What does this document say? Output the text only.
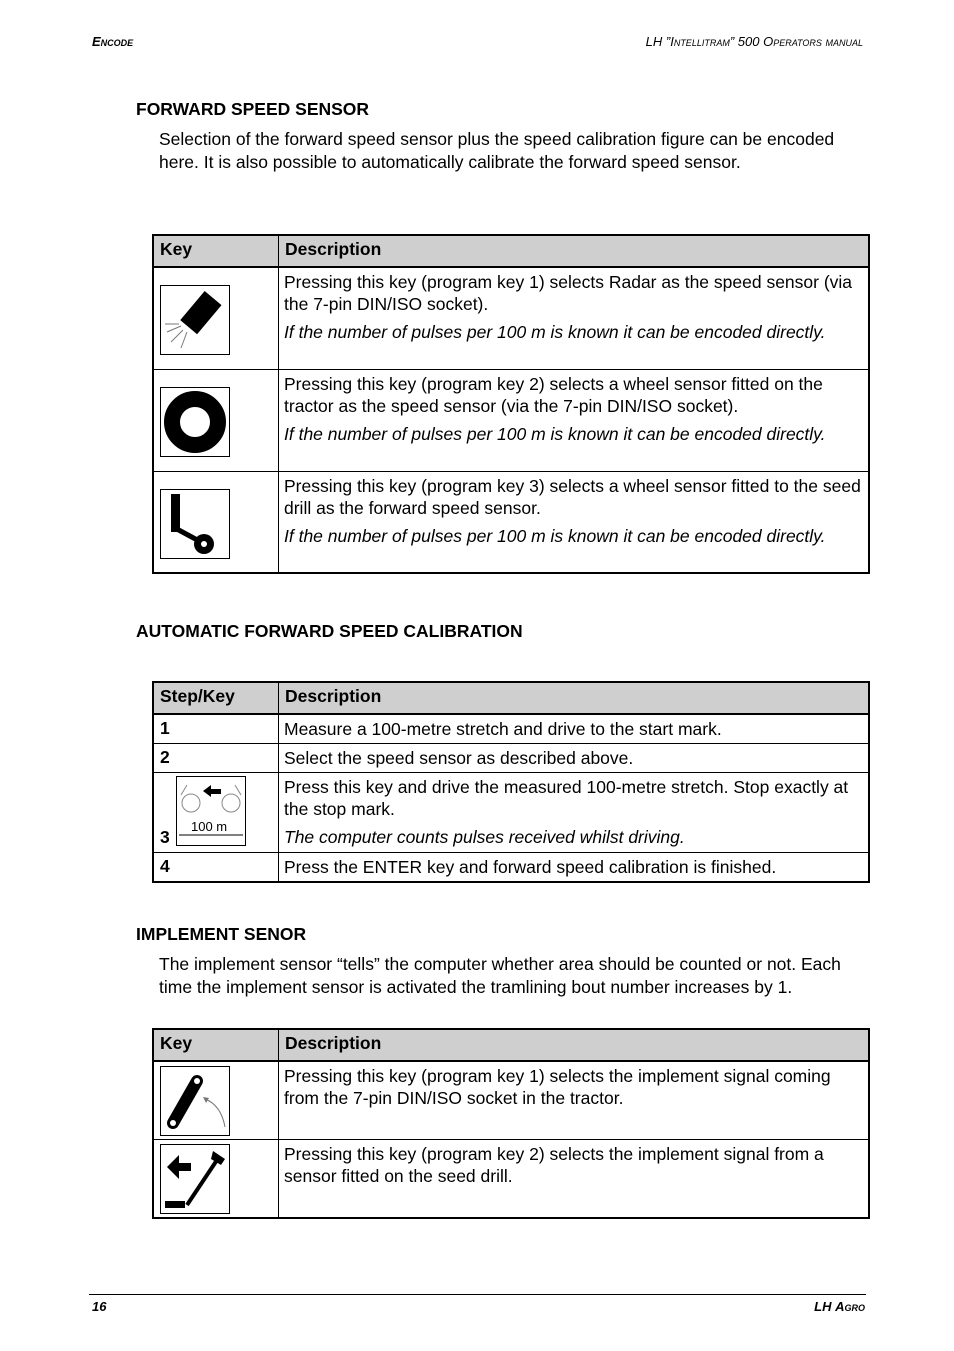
Encode	LH ”Intellitram” 500 Operators manual
FORWARD SPEED SENSOR
Selection of the forward speed sensor plus the speed calibration figure can be encoded here. It is also possible to automatically calibrate the forward speed sensor.
Key	Description

	Pressing this key (program key 1) selects Radar as the speed sensor (via the 7-pin DIN/ISO socket).
If the number of pulses per 100 m is known it can be encoded directly.

	Pressing this key (program key 2) selects a wheel sensor fitted on the tractor as the speed sensor (via the 7-pin DIN/ISO socket).
If the number of pulses per 100 m is known it can be encoded directly.

	Pressing this key (program key 3) selects a wheel sensor fitted to the seed drill as the forward speed sensor.
If the number of pulses per 100 m is known it can be encoded directly.
AUTOMATIC FORWARD SPEED CALIBRATION
Step/Key	Description
1	Measure a 100-metre stretch and drive to the start mark.
2	Select the speed sensor as described above.

3
100 m	Press this key and drive the measured 100-metre stretch. Stop exactly at the stop mark.
The computer counts pulses received whilst driving.

4	Press the ENTER key and forward speed calibration is finished.
IMPLEMENT SENOR
The implement sensor “tells” the computer whether area should be counted or not. Each time the implement sensor is activated the tramlining bout number increases by 1.
Key	Description

	Pressing this key (program key 1) selects the implement signal coming from the 7-pin DIN/ISO socket in the tractor.

	Pressing this key (program key 2) selects the implement signal from a sensor fitted on the seed drill.
16	LH Agro
